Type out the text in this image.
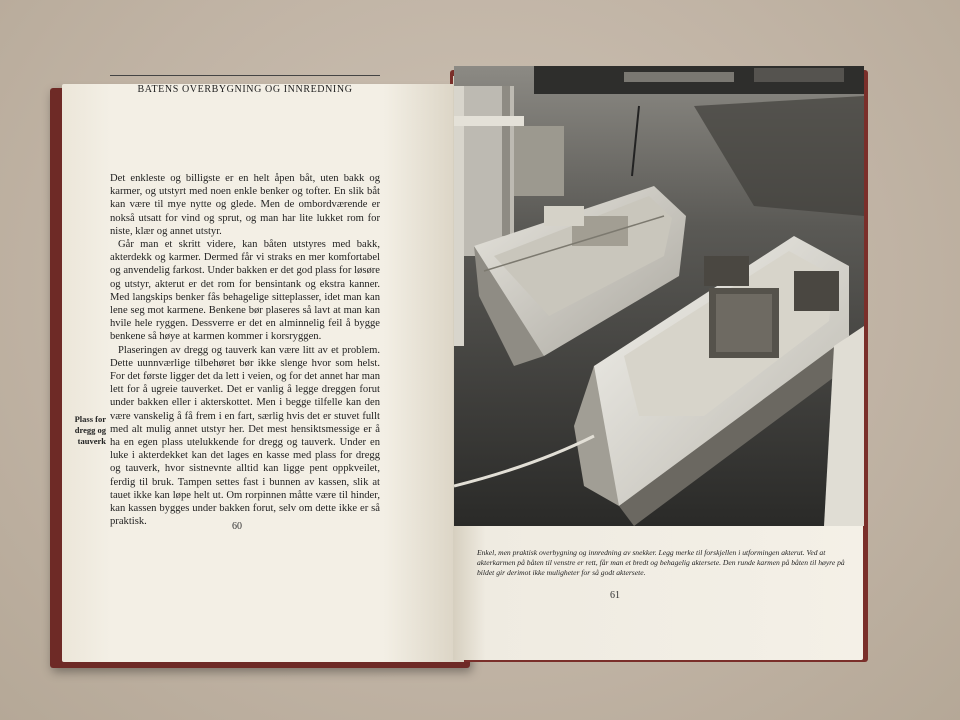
BATENS OVERBYGNING OG INNREDNING

Det enkleste og billigste er en helt åpen båt, uten bakk og karmer, og utstyrt med noen enkle benker og tofter. En slik båt kan være til mye nytte og glede. Men de ombordværende er nokså utsatt for vind og sprut, og man har lite lukket rom for niste, klær og annet utstyr.

Går man et skritt videre, kan båten utstyres med bakk, akterdekk og karmer. Dermed får vi straks en mer komfortabel og anvendelig farkost. Under bakken er det god plass for løsøre og utstyr, akterut er det rom for bensintank og ekstra kanner. Med langskips benker fås behagelige sitteplasser, idet man kan lene seg mot karmene. Benkene bør plaseres så lavt at man kan hvile hele ryggen. Dessverre er det en alminnelig feil å bygge benkene så høye at karmen kommer i korsryggen.

Plaseringen av dregg og tauverk kan være litt av et problem. Dette uunnværlige tilbehøret bør ikke slenge hvor som helst. For det første ligger det da lett i veien, og for det annet har man lett for å ugreie tauverket. Det er vanlig å legge dreggen forut under bakken eller i akterskottet. Men i begge tilfelle kan den være vanskelig å få frem i en fart, særlig hvis det er stuvet fullt med alt mulig annet utstyr her. Det mest hensiktsmessige er å ha en egen plass utelukkende for dregg og tauverk. Under en luke i akterdekket kan det lages en kasse med plass for dregg og tauverk, hvor sistnevnte alltid kan ligge pent oppkveilet, ferdig til bruk. Tampen settes fast i bunnen av kassen, slik at tauet ikke kan løpe helt ut. Om rorpinnen måtte være til hinder, kan kassen bygges under bakken forut, selv om dette ikke er så praktisk.

Plass for dregg og tauverk
60
Enkel, men praktisk overbygning og innredning av snekker. Legg merke til forskjellen i utformingen akterut. Ved at akterkarmen på båten til venstre er rett, får man et bredt og behagelig aktersete. Den runde karmen på båten til høyre på bildet gir derimot ikke muligheter for så godt aktersete.
61
